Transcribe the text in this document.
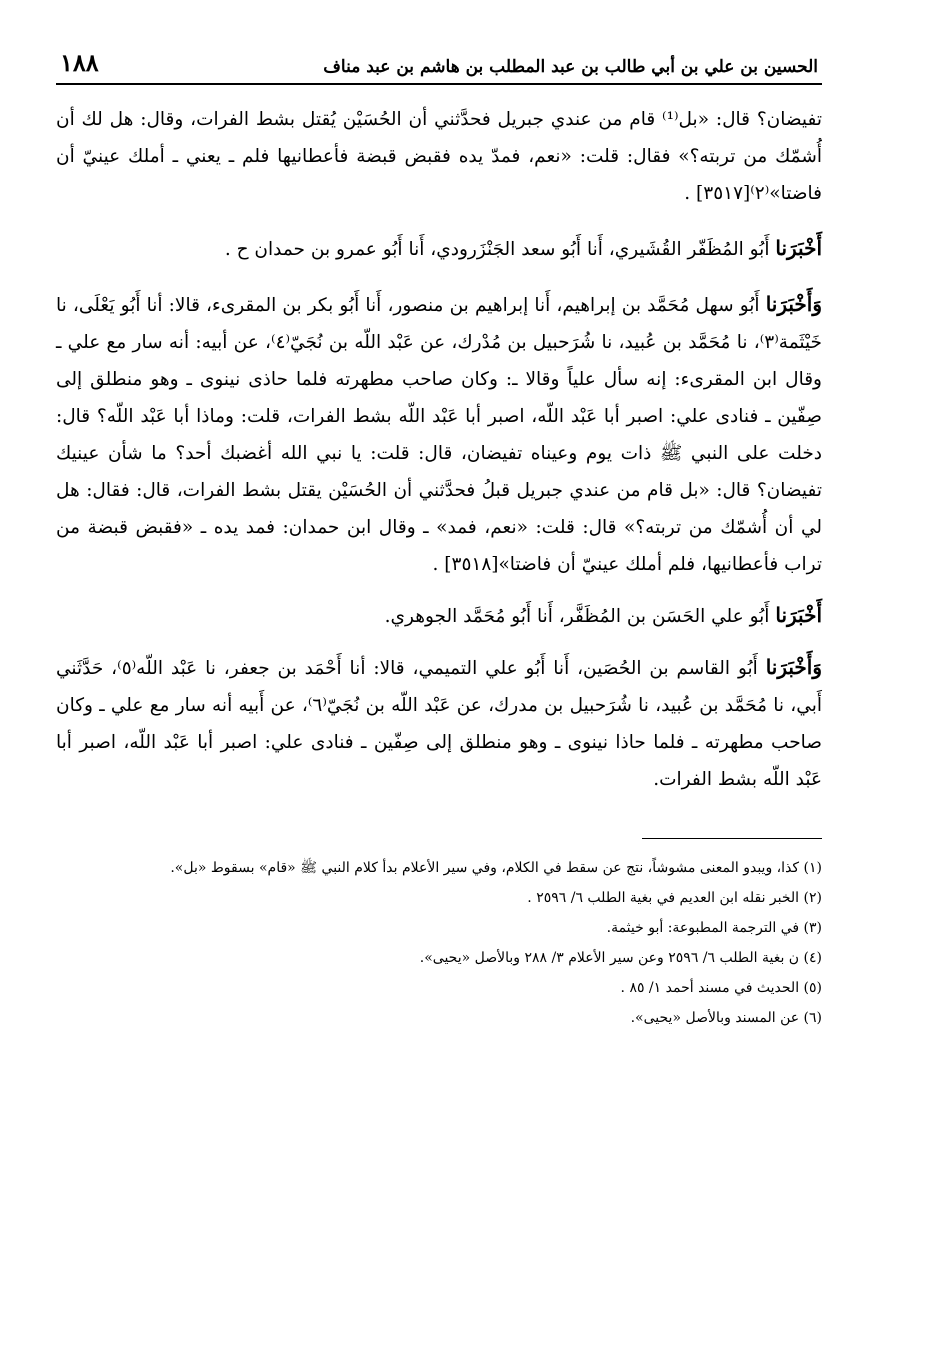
١٨٨	الحسين بن علي بن أبي طالب بن عبد المطلب بن هاشم بن عبد مناف

تفيضان؟ قال: «بل⁽¹⁾ قام من عندي جبريل فحدَّثني أن الحُسَيْن يُقتل بشط الفرات، وقال: هل لك أن أُشمّك من تربته؟» فقال: قلت: «نعم، فمدّ يده فقبض قبضة فأعطانيها فلم ـ يعني ـ أملك عينيّ أن فاضتا»⁽٢⁾[٣٥١٧] .

أَخْبَرَنا أَبُو المُظَفّر القُشَيري، أَنا أَبُو سعد الجَنْزَرودي، أَنا أَبُو عمرو بن حمدان ح .

وَأَخْبَرَنا أَبُو سهل مُحَمَّد بن إبراهيم، أَنا إبراهيم بن منصور، أَنا أَبُو بكر بن المقرىء، قالا: أنا أَبُو يَعْلَى، نا خَيْثَمة⁽٣⁾، نا مُحَمَّد بن عُبيد، نا شُرَحبيل بن مُدْرك، عن عَبْد اللّه بن نُجَيّ⁽٤⁾، عن أبيه: أنه سار مع علي ـ وقال ابن المقرىء: إنه سأل علياً وقالا ـ: وكان صاحب مطهرته فلما حاذى نينوى ـ وهو منطلق إلى صِفّين ـ فنادى علي: اصبر أبا عَبْد اللّه، اصبر أبا عَبْد اللّه بشط الفرات، قلت: وماذا أبا عَبْد اللّه؟ قال: دخلت على النبي ﷺ ذات يوم وعيناه تفيضان، قال: قلت: يا نبي الله أغضبك أحد؟ ما شأن عينيك تفيضان؟ قال: «بل قام من عندي جبريل قبلُ فحدَّثني أن الحُسَيْن يقتل بشط الفرات، قال: فقال: هل لي أن أُشمّك من تربته؟» قال: قلت: «نعم، فمد» ـ وقال ابن حمدان: فمد يده ـ «فقبض قبضة من تراب فأعطانيها، فلم أملك عينيّ أن فاضتا»[٣٥١٨] .

أَخْبَرَنا أَبُو علي الحَسَن بن المُظَفَّر، أَنا أَبُو مُحَمَّد الجوهري.

وَأَخْبَرَنا أَبُو القاسم بن الحُصَين، أَنا أَبُو علي التميمي، قالا: أنا أَحْمَد بن جعفر، نا عَبْد اللّه⁽٥⁾، حَدَّثَني أَبي، نا مُحَمَّد بن عُبيد، نا شُرَحبيل بن مدرك، عن عَبْد اللّه بن نُجَيّ⁽٦⁾، عن أَبيه أنه سار مع علي ـ وكان صاحب مطهرته ـ فلما حاذا نينوى ـ وهو منطلق إلى صِفّين ـ فنادى علي: اصبر أبا عَبْد اللّه، اصبر أبا عَبْد اللّه بشط الفرات.

(١) كذا، ويبدو المعنى مشوشاً، نتج عن سقط في الكلام، وفي سير الأعلام بدأ كلام النبي ﷺ «قام» بسقوط «بل».

(٢) الخبر نقله ابن العديم في بغية الطلب ٦/ ٢٥٩٦ .

(٣) في الترجمة المطبوعة: أبو خيثمة.

(٤) ن بغية الطلب ٦/ ٢٥٩٦ وعن سير الأعلام ٣/ ٢٨٨ وبالأصل «يحيى».

(٥) الحديث في مسند أحمد ١/ ٨٥ .

(٦) عن المسند وبالأصل «يحيى».
